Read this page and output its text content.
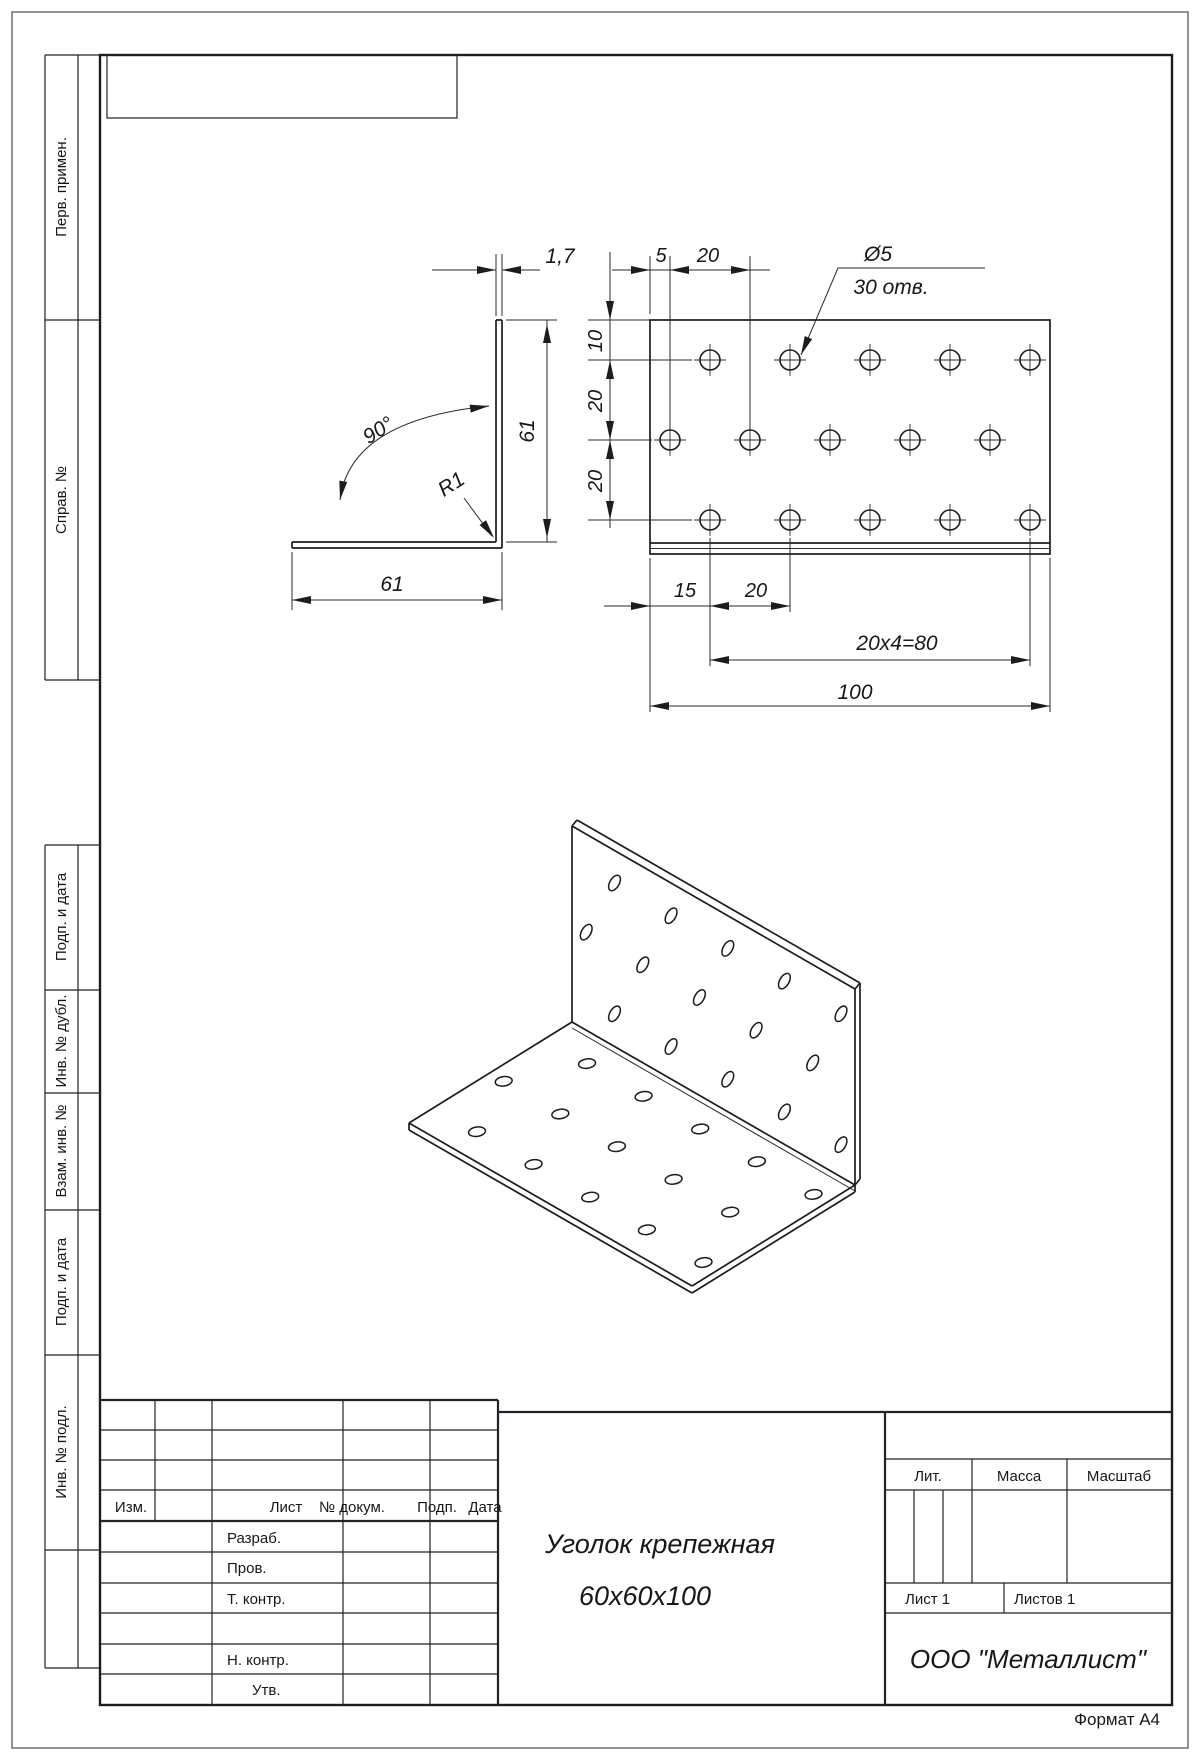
Перв. примен.
Справ. №
Подп. и дата
Инв. № дубл.
Взам. инв. №
Подп. и дата
Инв. № подл.
1,7
61
61
90°
R1
5 20	Ø5
30 отв.
10
20
20
15 20
20x4=80
100
Изм.	Лист № докум. Подп. Дата
Разраб.
Пров.
Т. контр.
Н. контр.
Утв.
Лит.	Масса	Масштаб
Лист 1	Листов 1
Уголок крепежная
60x60x100
ООО "Металлист"
Формат А4
